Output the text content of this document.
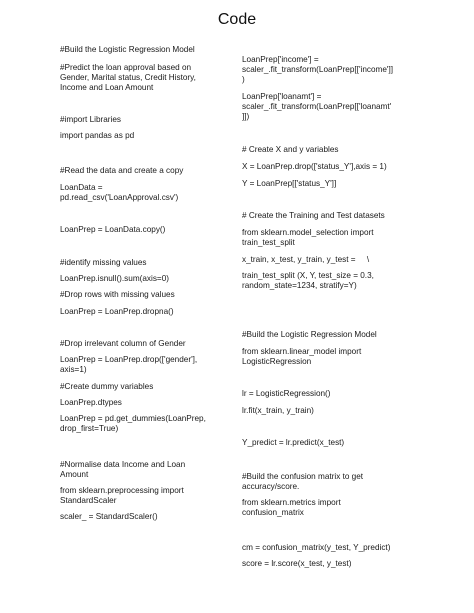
Code

#Build the Logistic Regression Model

#Predict the loan approval based on
Gender, Marital status, Credit History,
Income and Loan Amount

#import Libraries

import pandas as pd

#Read the data and create a copy

LoanData =
pd.read_csv('LoanApproval.csv')

LoanPrep = LoanData.copy()

#identify missing values

LoanPrep.isnull().sum(axis=0)

#Drop rows with missing values

LoanPrep = LoanPrep.dropna()

#Drop irrelevant column of Gender

LoanPrep = LoanPrep.drop(['gender'],
axis=1)

#Create dummy variables

LoanPrep.dtypes

LoanPrep = pd.get_dummies(LoanPrep,
drop_first=True)

#Normalise data Income and Loan
Amount

from sklearn.preprocessing import
StandardScaler

scaler_ = StandardScaler()

LoanPrep['income'] =
scaler_.fit_transform(LoanPrep[['income']]
)

LoanPrep['loanamt'] =
scaler_.fit_transform(LoanPrep[['loanamt'
]])

# Create X and y variables

X = LoanPrep.drop(['status_Y'],axis = 1)

Y = LoanPrep[['status_Y']]

# Create the Training and Test datasets

from sklearn.model_selection import
train_test_split

x_train, x_test, y_train, y_test =     \

train_test_split (X, Y, test_size = 0.3,
random_state=1234, stratify=Y)

#Build the Logistic Regression Model

from sklearn.linear_model import
LogisticRegression

lr = LogisticRegression()

lr.fit(x_train, y_train)

Y_predict = lr.predict(x_test)

#Build the confusion matrix to get
accuracy/score.

from sklearn.metrics import
confusion_matrix

cm = confusion_matrix(y_test, Y_predict)

score = lr.score(x_test, y_test)
